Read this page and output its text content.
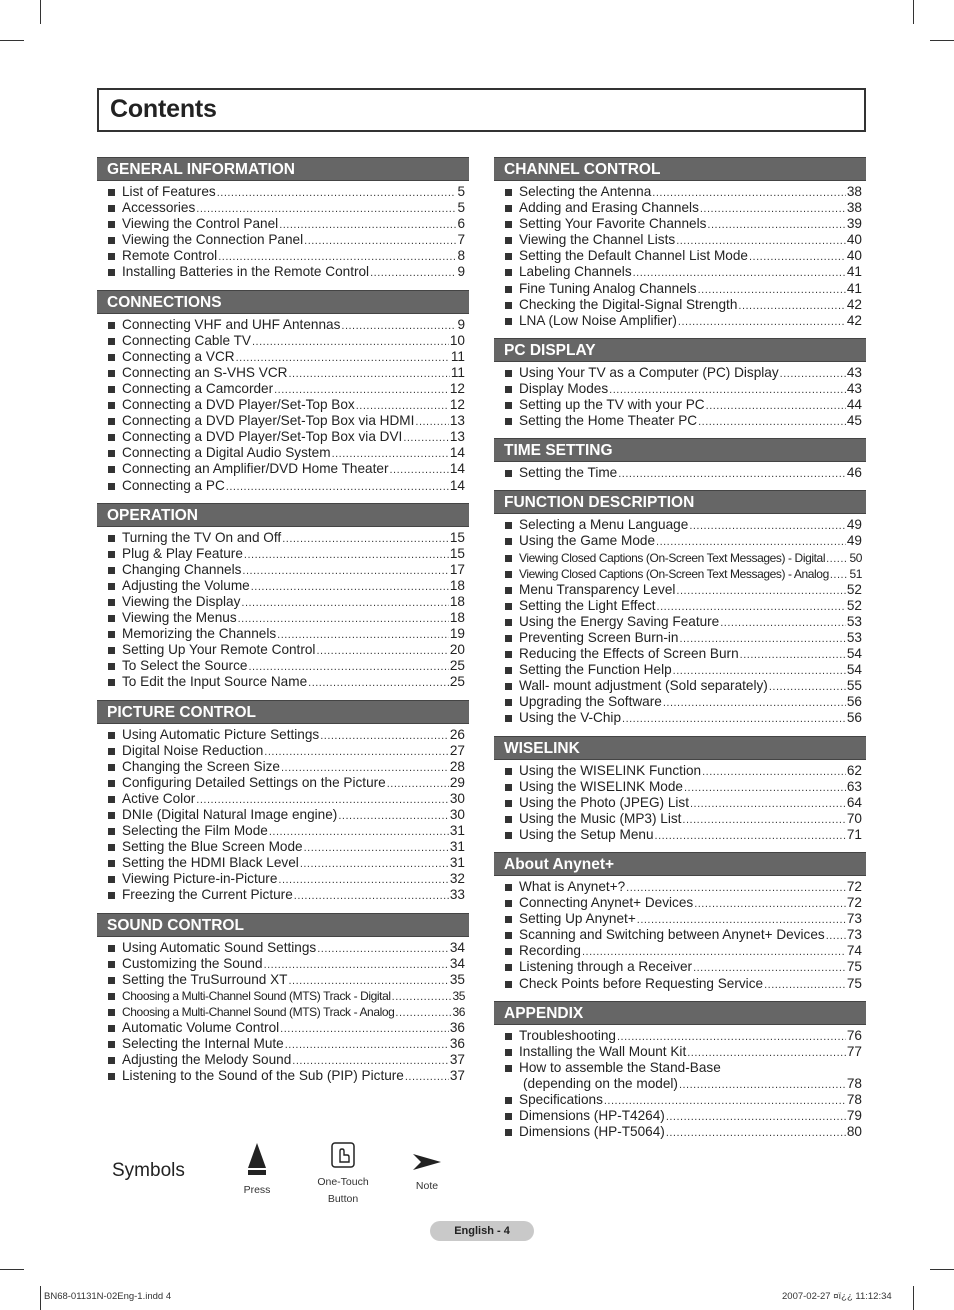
Contents
GENERAL INFORMATION
List of Features .....	5
Accessories .....	5
Viewing the Control Panel .....	6
Viewing the Connection Panel .....	7
Remote Control .....	8
Installing Batteries in the Remote Control .....	9
CONNECTIONS
Connecting VHF and UHF Antennas .....	9
Connecting Cable TV .....	10
Connecting a VCR .....	11
Connecting an S-VHS VCR .....	11
Connecting a Camcorder .....	12
Connecting a DVD Player/Set-Top Box .....	12
Connecting a DVD Player/Set-Top Box via HDMI .....	13
Connecting a DVD Player/Set-Top Box via DVI .....	13
Connecting a Digital Audio System .....	14
Connecting an Amplifier/DVD Home Theater .....	14
Connecting a PC .....	14
OPERATION
Turning the TV On and Off .....	15
Plug & Play Feature .....	15
Changing Channels .....	17
Adjusting the Volume .....	18
Viewing the Display .....	18
Viewing the Menus .....	18
Memorizing the Channels .....	19
Setting Up Your Remote Control .....	20
To Select the Source .....	25
To Edit the Input Source Name .....	25
PICTURE CONTROL
Using Automatic Picture Settings .....	26
Digital Noise Reduction .....	27
Changing the Screen Size .....	28
Configuring Detailed Settings on the Picture .....	29
Active Color .....	30
DNIe (Digital Natural Image engine) .....	30
Selecting the Film Mode .....	31
Setting the Blue Screen Mode .....	31
Setting the HDMI Black Level .....	31
Viewing Picture-in-Picture .....	32
Freezing the Current Picture .....	33
SOUND CONTROL
Using Automatic Sound Settings .....	34
Customizing the Sound .....	34
Setting the TruSurround XT .....	35
Choosing a Multi-Channel Sound (MTS) Track - Digital .....	35
Choosing a Multi-Channel Sound (MTS) Track - Analog .....	36
Automatic Volume Control .....	36
Selecting the Internal Mute .....	36
Adjusting the Melody Sound .....	37
Listening to the Sound of the Sub (PIP) Picture .....	37
CHANNEL CONTROL
Selecting the Antenna .....	38
Adding and Erasing Channels .....	38
Setting Your Favorite Channels .....	39
Viewing the Channel Lists .....	40
Setting the Default Channel List Mode .....	40
Labeling Channels .....	41
Fine Tuning Analog Channels .....	41
Checking the Digital-Signal Strength .....	42
LNA (Low Noise Amplifier) .....	42
PC DISPLAY
Using Your TV as a Computer (PC) Display .....	43
Display Modes .....	43
Setting up the TV with your PC .....	44
Setting the Home Theater PC .....	45
TIME SETTING
Setting the Time .....	46
FUNCTION DESCRIPTION
Selecting a Menu Language .....	49
Using the Game Mode .....	49
Viewing Closed Captions (On-Screen Text Messages) - Digital ..... 50
Viewing Closed Captions (On-Screen Text Messages) - Analog ..... 51
Menu Transparency Level .....	52
Setting the Light Effect .....	52
Using the Energy Saving Feature .....	53
Preventing Screen Burn-in .....	53
Reducing the Effects of Screen Burn .....	54
Setting the Function Help .....	54
Wall- mount adjustment (Sold separately) .....	55
Upgrading the Software .....	56
Using the V-Chip .....	56
WISELINK
Using the WISELINK Function .....	62
Using the WISELINK Mode .....	63
Using the Photo (JPEG) List .....	64
Using the Music (MP3) List .....	70
Using the Setup Menu .....	71
About Anynet+
What is Anynet+? .....	72
Connecting Anynet+ Devices .....	72
Setting Up Anynet+ .....	73
Scanning and Switching between Anynet+ Devices ..... 73
Recording .....	74
Listening through a Receiver .....	75
Check Points before Requesting Service .....	75
APPENDIX
Troubleshooting .....	76
Installing the Wall Mount Kit .....	77
How to assemble the Stand-Base
(depending on the model) .....	78
Specifications .....	78
Dimensions (HP-T4264) .....	79
Dimensions (HP-T5064) .....	80
Symbols
Press
One-Touch
Button
Note
English - 4
BN68-01131N-02Eng-1.indd 4	2007-02-27 ¤ï¿¿ 11:12:34
